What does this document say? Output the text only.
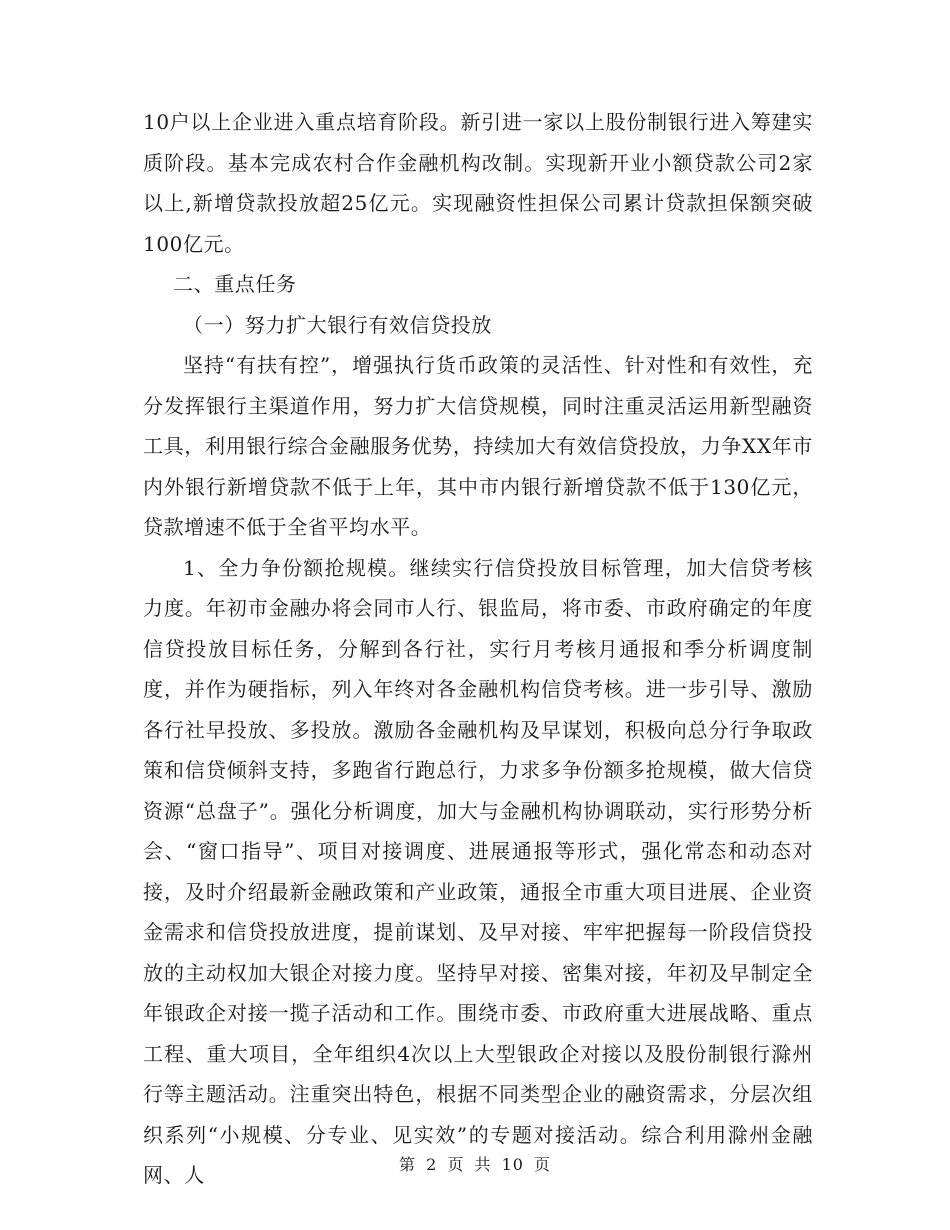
10户以上企业进入重点培育阶段。新引进一家以上股份制银行进入筹建实质阶段。基本完成农村合作金融机构改制。实现新开业小额贷款公司2家以上,新增贷款投放超25亿元。实现融资性担保公司累计贷款担保额突破100亿元。

二、重点任务

（一）努力扩大银行有效信贷投放

坚持“有扶有控”，增强执行货币政策的灵活性、针对性和有效性，充分发挥银行主渠道作用，努力扩大信贷规模，同时注重灵活运用新型融资工具，利用银行综合金融服务优势，持续加大有效信贷投放，力争XX年市内外银行新增贷款不低于上年，其中市内银行新增贷款不低于130亿元，贷款增速不低于全省平均水平。

1、全力争份额抢规模。继续实行信贷投放目标管理，加大信贷考核力度。年初市金融办将会同市人行、银监局，将市委、市政府确定的年度信贷投放目标任务，分解到各行社，实行月考核月通报和季分析调度制度，并作为硬指标，列入年终对各金融机构信贷考核。进一步引导、激励各行社早投放、多投放。激励各金融机构及早谋划，积极向总分行争取政策和信贷倾斜支持，多跑省行跑总行，力求多争份额多抢规模，做大信贷资源“总盘子”。强化分析调度，加大与金融机构协调联动，实行形势分析会、“窗口指导”、项目对接调度、进展通报等形式，强化常态和动态对接，及时介绍最新金融政策和产业政策，通报全市重大项目进展、企业资金需求和信贷投放进度，提前谋划、及早对接、牢牢把握每一阶段信贷投放的主动权加大银企对接力度。坚持早对接、密集对接，年初及早制定全年银政企对接一揽子活动和工作。围绕市委、市政府重大进展战略、重点工程、重大项目，全年组织4次以上大型银政企对接以及股份制银行滁州行等主题活动。注重突出特色，根据不同类型企业的融资需求，分层次组织系列“小规模、分专业、见实效”的专题对接活动。综合利用滁州金融网、人	第 2 页 共 10 页
